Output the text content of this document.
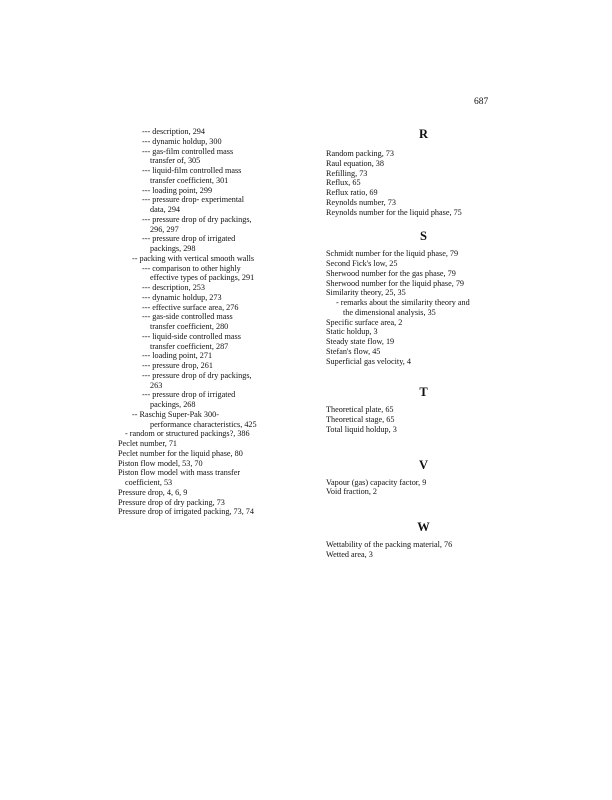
687
--- description, 294
--- dynamic holdup, 300
--- gas-film controlled mass
transfer of, 305
--- liquid-film controlled mass
transfer coefficient, 301
--- loading point, 299
--- pressure drop- experimental
data, 294
--- pressure drop of dry packings,
296, 297
--- pressure drop of irrigated
packings, 298
-- packing with vertical smooth walls
--- comparison to other highly
effective types of packings, 291
--- description, 253
--- dynamic holdup, 273
--- effective surface area, 276
--- gas-side controlled mass
transfer coefficient, 280
--- liquid-side controlled mass
transfer coefficient, 287
--- loading point, 271
--- pressure drop, 261
--- pressure drop of dry packings,
263
--- pressure drop of irrigated
packings, 268
-- Raschig Super-Pak 300-
performance characteristics, 425
- random or structured packings?, 386
Peclet number, 71
Peclet number for the liquid phase, 80
Piston flow model, 53, 70
Piston flow model with mass transfer
coefficient, 53
Pressure drop, 4, 6, 9
Pressure drop of dry packing, 73
Pressure drop of irrigated packing, 73, 74
R
Random packing, 73
Raul equation, 38
Refilling, 73
Reflux, 65
Reflux ratio, 69
Reynolds number, 73
Reynolds number for the liquid phase, 75
S
Schmidt number for the liquid phase, 79
Second Fick's low, 25
Sherwood number for the gas phase, 79
Sherwood number for the liquid phase, 79
Similarity theory, 25, 35
- remarks about the similarity theory and
the dimensional analysis, 35
Specific surface area, 2
Static holdup, 3
Steady state flow, 19
Stefan's flow, 45
Superficial gas velocity, 4
T
Theoretical plate, 65
Theoretical stage, 65
Total liquid holdup, 3
V
Vapour (gas) capacity factor, 9
Void fraction, 2
W
Wettability of the packing material, 76
Wetted area, 3
